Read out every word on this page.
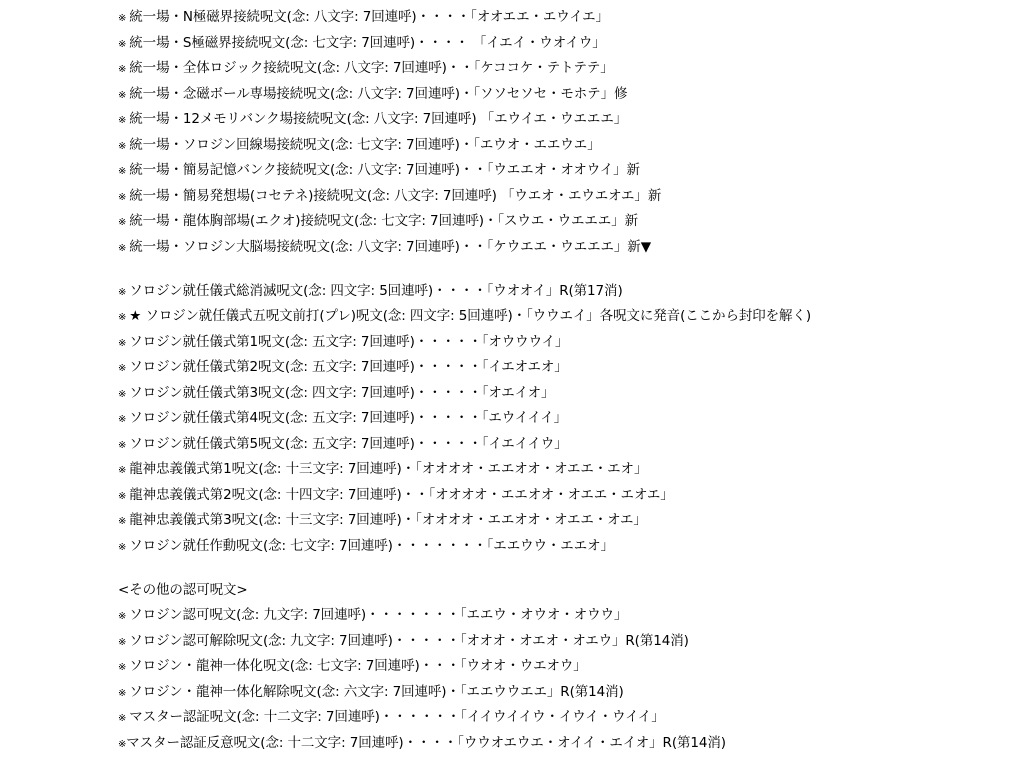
※ 統一場・N極磁界接続呪文(念: 八文字: 7回連呼)・・・・「オオエエ・エウイエ」
※ 統一場・S極磁界接続呪文(念: 七文字: 7回連呼)・・・・ 「イエイ・ウオイウ」
※ 統一場・全体ロジック接続呪文(念: 八文字: 7回連呼)・・「ケココケ・テトテテ」
※ 統一場・念磁ボール専場接続呪文(念: 八文字: 7回連呼)・「ソソセソセ・モホテ」修
※ 統一場・12メモリバンク場接続呪文(念: 八文字: 7回連呼) 「エウイエ・ウエエエ」
※ 統一場・ソロジン回線場接続呪文(念: 七文字: 7回連呼)・「エウオ・エエウエ」
※ 統一場・簡易記憶バンク接続呪文(念: 八文字: 7回連呼)・・「ウエエオ・オオウイ」新
※ 統一場・簡易発想場(コセテネ)接続呪文(念: 八文字: 7回連呼) 「ウエオ・エウエオエ」新
※ 統一場・龍体胸部場(エクオ)接続呪文(念: 七文字: 7回連呼)・「スウエ・ウエエエ」新
※ 統一場・ソロジン大脳場接続呪文(念: 八文字: 7回連呼)・・「ケウエエ・ウエエエ」新▼
※ ソロジン就任儀式総消滅呪文(念: 四文字: 5回連呼)・・・・「ウオオイ」R(第17消)
※ ★ ソロジン就任儀式五呪文前打(プレ)呪文(念: 四文字: 5回連呼)・「ウウエイ」各呪文に発音(ここから封印を解く)
※ ソロジン就任儀式第1呪文(念: 五文字: 7回連呼)・・・・・「オウウウイ」
※ ソロジン就任儀式第2呪文(念: 五文字: 7回連呼)・・・・・「イエオエオ」
※ ソロジン就任儀式第3呪文(念: 四文字: 7回連呼)・・・・・「オエイオ」
※ ソロジン就任儀式第4呪文(念: 五文字: 7回連呼)・・・・・「エウイイイ」
※ ソロジン就任儀式第5呪文(念: 五文字: 7回連呼)・・・・・「イエイイウ」
※ 龍神忠義儀式第1呪文(念: 十三文字: 7回連呼)・「オオオオ・エエオオ・オエエ・エオ」
※ 龍神忠義儀式第2呪文(念: 十四文字: 7回連呼)・・「オオオオ・エエオオ・オエエ・エオエ」
※ 龍神忠義儀式第3呪文(念: 十三文字: 7回連呼)・「オオオオ・エエオオ・オエエ・オエ」
※ ソロジン就任作動呪文(念: 七文字: 7回連呼)・・・・・・・「エエウウ・エエオ」
<その他の認可呪文>
※ ソロジン認可呪文(念: 九文字: 7回連呼)・・・・・・・「エエウ・オウオ・オウウ」
※ ソロジン認可解除呪文(念: 九文字: 7回連呼)・・・・・「オオオ・オエオ・オエウ」R(第14消)
※ ソロジン・龍神一体化呪文(念: 七文字: 7回連呼)・・・「ウオオ・ウエオウ」
※ ソロジン・龍神一体化解除呪文(念: 六文字: 7回連呼)・「エエウウエエ」R(第14消)
※ マスター認証呪文(念: 十二文字: 7回連呼)・・・・・・「イイウイイウ・イウイ・ウイイ」
※マスター認証反意呪文(念: 十二文字: 7回連呼)・・・・「ウウオエウエ・オイイ・エイオ」R(第14消)
